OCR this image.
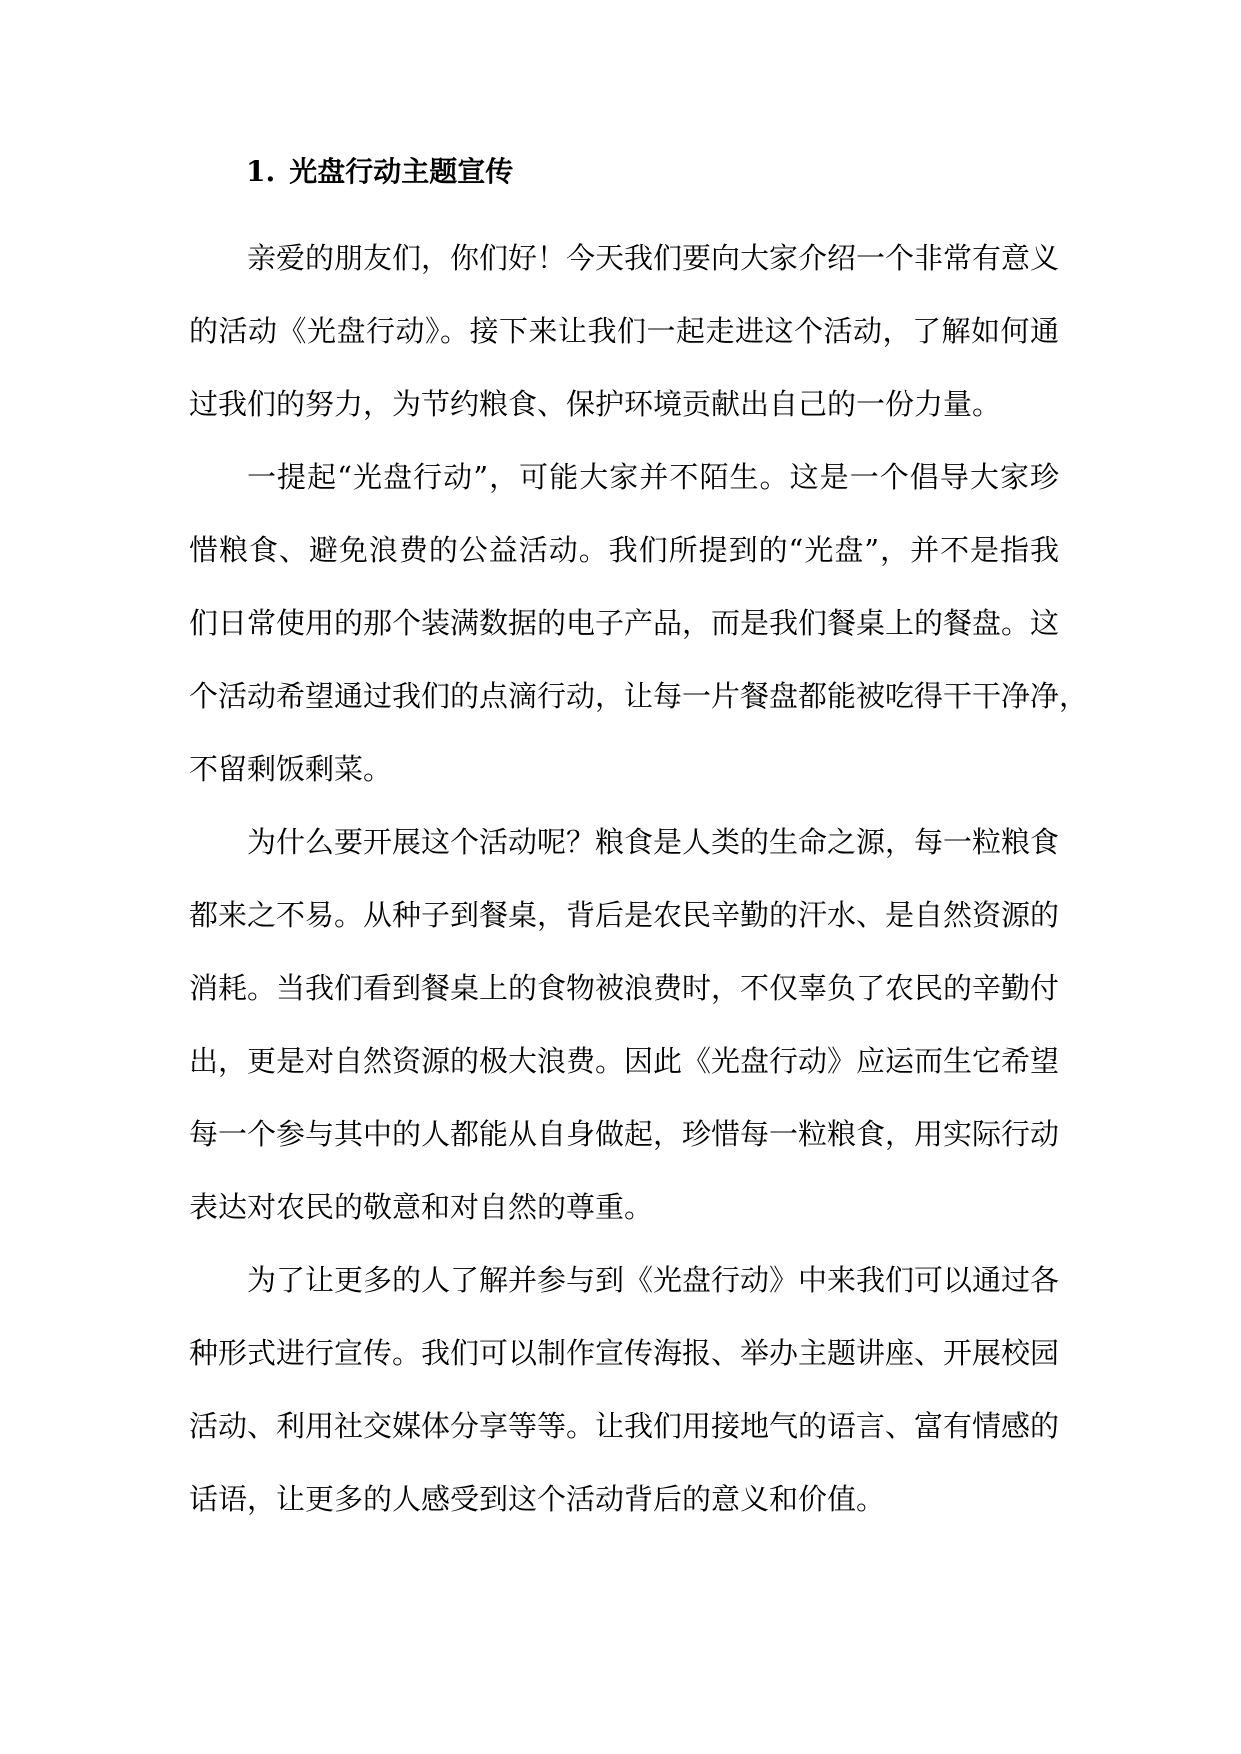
1. 光盘行动主题宣传
亲爱的朋友们，你们好！今天我们要向大家介绍一个非常有意义
的活动《光盘行动》。接下来让我们一起走进这个活动，了解如何通
过我们的努力，为节约粮食、保护环境贡献出自己的一份力量。
一提起“光盘行动”，可能大家并不陌生。这是一个倡导大家珍
惜粮食、避免浪费的公益活动。我们所提到的“光盘”，并不是指我
们日常使用的那个装满数据的电子产品，而是我们餐桌上的餐盘。这
个活动希望通过我们的点滴行动，让每一片餐盘都能被吃得干干净净，
不留剩饭剩菜。
为什么要开展这个活动呢？粮食是人类的生命之源，每一粒粮食
都来之不易。从种子到餐桌，背后是农民辛勤的汗水、是自然资源的
消耗。当我们看到餐桌上的食物被浪费时，不仅辜负了农民的辛勤付
出，更是对自然资源的极大浪费。因此《光盘行动》应运而生它希望
每一个参与其中的人都能从自身做起，珍惜每一粒粮食，用实际行动
表达对农民的敬意和对自然的尊重。
为了让更多的人了解并参与到《光盘行动》中来我们可以通过各
种形式进行宣传。我们可以制作宣传海报、举办主题讲座、开展校园
活动、利用社交媒体分享等等。让我们用接地气的语言、富有情感的
话语，让更多的人感受到这个活动背后的意义和价值。
